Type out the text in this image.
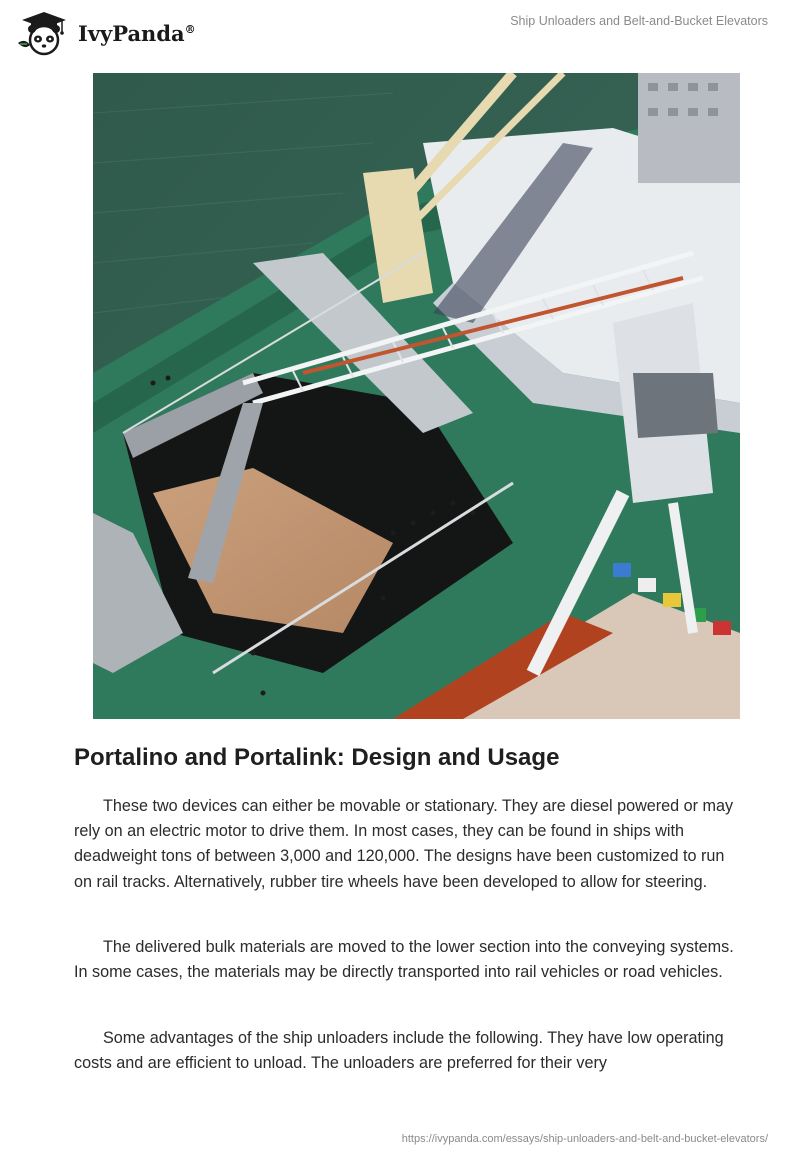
IvyPanda®
Ship Unloaders and Belt-and-Bucket Elevators
Portalino and Portalink: Design and Usage

These two devices can either be movable or stationary. They are diesel powered or may rely on an electric motor to drive them. In most cases, they can be found in ships with deadweight tons of between 3,000 and 120,000. The designs have been customized to run on rail tracks. Alternatively, rubber tire wheels have been developed to allow for steering.

The delivered bulk materials are moved to the lower section into the conveying systems. In some cases, the materials may be directly transported into rail vehicles or road vehicles.

Some advantages of the ship unloaders include the following. They have low operating costs and are efficient to unload. The unloaders are preferred for their very

https://ivypanda.com/essays/ship-unloaders-and-belt-and-bucket-elevators/
